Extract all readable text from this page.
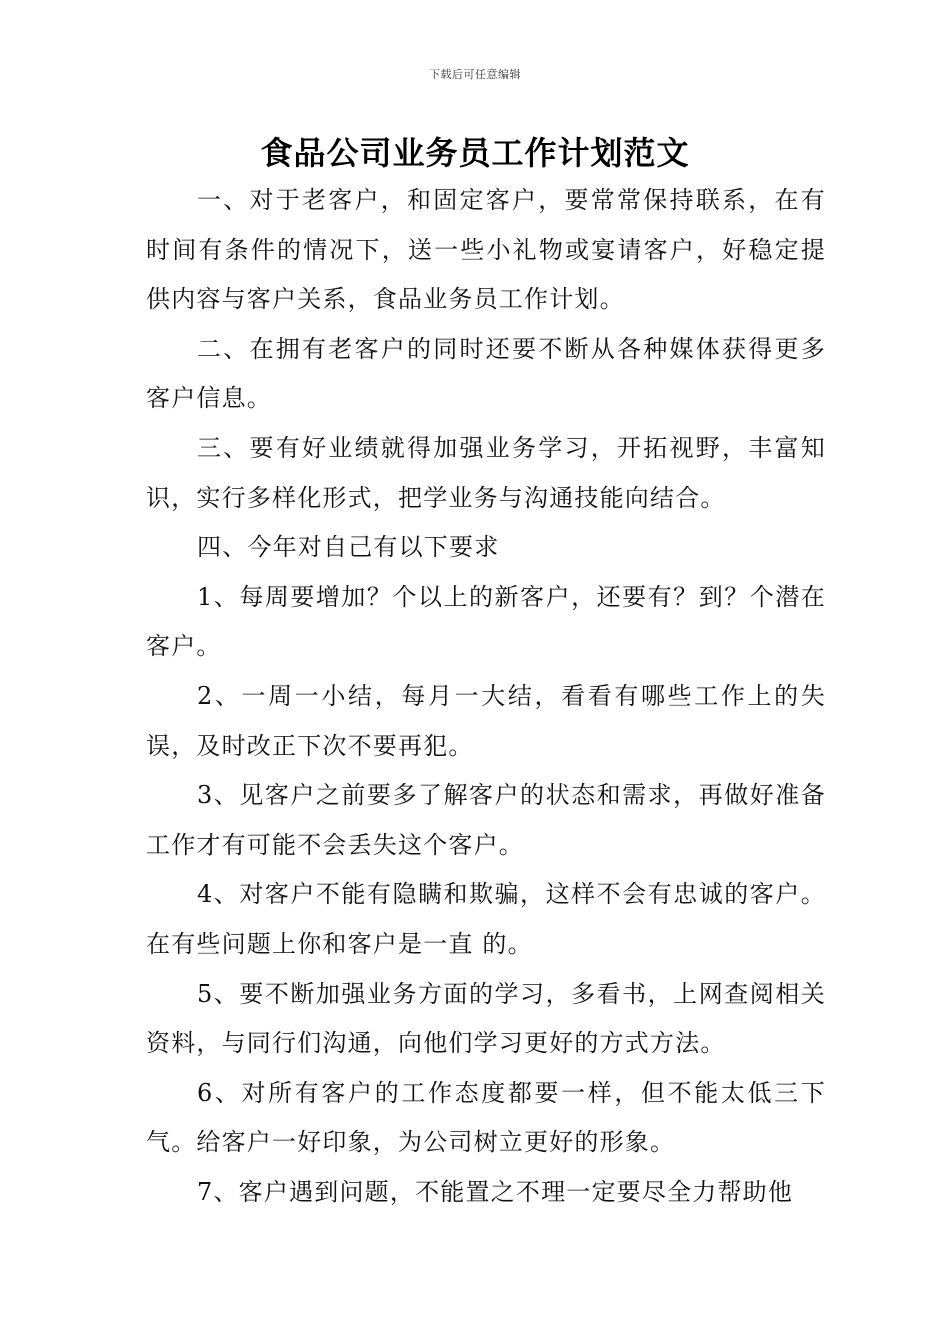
下载后可任意编辑
食品公司业务员工作计划范文

一、对于老客户，和固定客户，要常常保持联系，在有时间有条件的情况下，送一些小礼物或宴请客户，好稳定提供内容与客户关系，食品业务员工作计划。

二、在拥有老客户的同时还要不断从各种媒体获得更多客户信息。

三、要有好业绩就得加强业务学习，开拓视野，丰富知识，实行多样化形式，把学业务与沟通技能向结合。

四、今年对自己有以下要求

1、每周要增加？个以上的新客户，还要有？到？个潜在客户。

2、一周一小结，每月一大结，看看有哪些工作上的失误，及时改正下次不要再犯。

3、见客户之前要多了解客户的状态和需求，再做好准备工作才有可能不会丢失这个客户。

4、对客户不能有隐瞒和欺骗，这样不会有忠诚的客户。在有些问题上你和客户是一直 的。

5、要不断加强业务方面的学习，多看书，上网查阅相关资料，与同行们沟通，向他们学习更好的方式方法。

6、对所有客户的工作态度都要一样，但不能太低三下气。给客户一好印象，为公司树立更好的形象。

7、客户遇到问题，不能置之不理一定要尽全力帮助他
